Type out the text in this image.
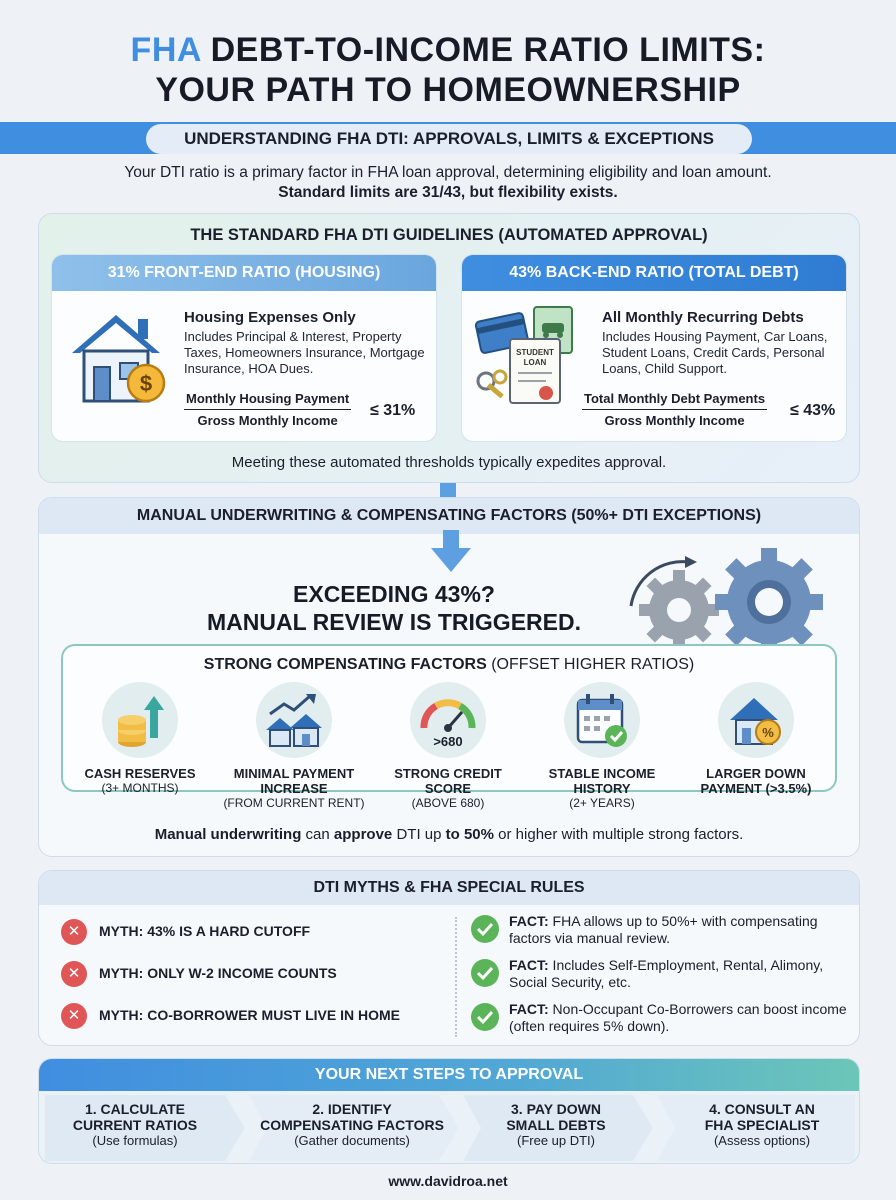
FHA DEBT-TO-INCOME RATIO LIMITS:
YOUR PATH TO HOMEOWNERSHIP
UNDERSTANDING FHA DTI: APPROVALS, LIMITS & EXCEPTIONS
Your DTI ratio is a primary factor in FHA loan approval, determining eligibility and loan amount.
Standard limits are 31/43, but flexibility exists.
THE STANDARD FHA DTI GUIDELINES (AUTOMATED APPROVAL)
31% FRONT-END RATIO (HOUSING)
$
Housing Expenses Only
Includes Principal & Interest, Property Taxes, Homeowners Insurance, Mortgage Insurance, HOA Dues.
Monthly Housing Payment
Gross Monthly Income
≤ 31%
43% BACK-END RATIO (TOTAL DEBT)
STUDENT
LOAN
All Monthly Recurring Debts
Includes Housing Payment, Car Loans, Student Loans, Credit Cards, Personal Loans, Child Support.
Total Monthly Debt Payments
Gross Monthly Income
≤ 43%
Meeting these automated thresholds typically expedites approval.
MANUAL UNDERWRITING & COMPENSATING FACTORS (50%+ DTI EXCEPTIONS)
EXCEEDING 43%?
MANUAL REVIEW IS TRIGGERED.
STRONG COMPENSATING FACTORS (OFFSET HIGHER RATIOS)
CASH RESERVES
(3+ MONTHS)
MINIMAL PAYMENT
INCREASE
(FROM CURRENT RENT)
>680
STRONG CREDIT
SCORE
(ABOVE 680)
STABLE INCOME
HISTORY
(2+ YEARS)
%
LARGER DOWN
PAYMENT (>3.5%)
Manual underwriting can approve DTI up to 50% or higher with multiple strong factors.
DTI MYTHS & FHA SPECIAL RULES
✕	MYTH: 43% IS A HARD CUTOFF
✕	MYTH: ONLY W-2 INCOME COUNTS
✕	MYTH: CO-BORROWER MUST LIVE IN HOME
FACT: FHA allows up to 50%+ with compensating factors via manual review.
FACT: Includes Self-Employment, Rental, Alimony, Social Security, etc.
FACT: Non-Occupant Co-Borrowers can boost income (often requires 5% down).
YOUR NEXT STEPS TO APPROVAL
1. CALCULATE
CURRENT RATIOS
(Use formulas)
2. IDENTIFY
COMPENSATING FACTORS
(Gather documents)
3. PAY DOWN
SMALL DEBTS
(Free up DTI)
4. CONSULT AN
FHA SPECIALIST
(Assess options)
www.davidroa.net
